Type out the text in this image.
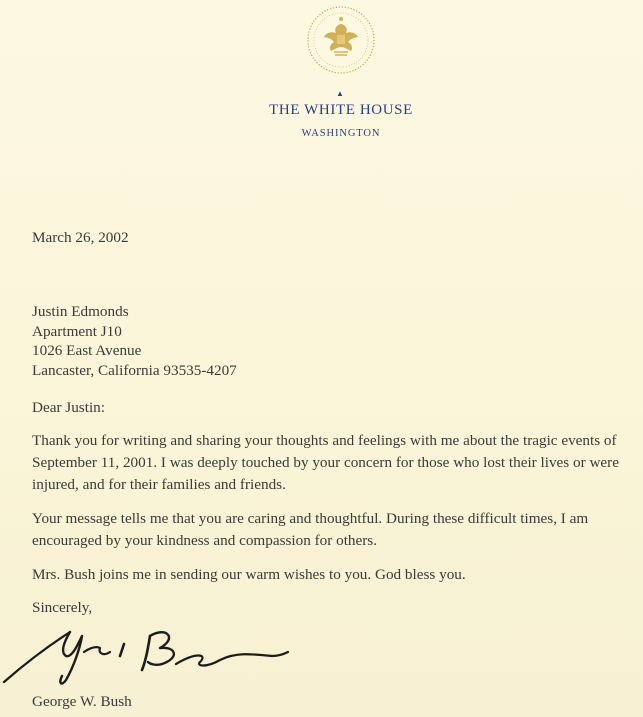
▲
THE WHITE HOUSE
WASHINGTON
March 26, 2002
Justin Edmonds
Apartment J10
1026 East Avenue
Lancaster, California 93535-4207
Dear Justin:
Thank you for writing and sharing your thoughts and feelings with me about the tragic events of September 11, 2001. I was deeply touched by your concern for those who lost their lives or were injured, and for their families and friends.
Your message tells me that you are caring and thoughtful. During these difficult times, I am encouraged by your kindness and compassion for others.
Mrs. Bush joins me in sending our warm wishes to you. God bless you.
Sincerely,
George W. Bush
